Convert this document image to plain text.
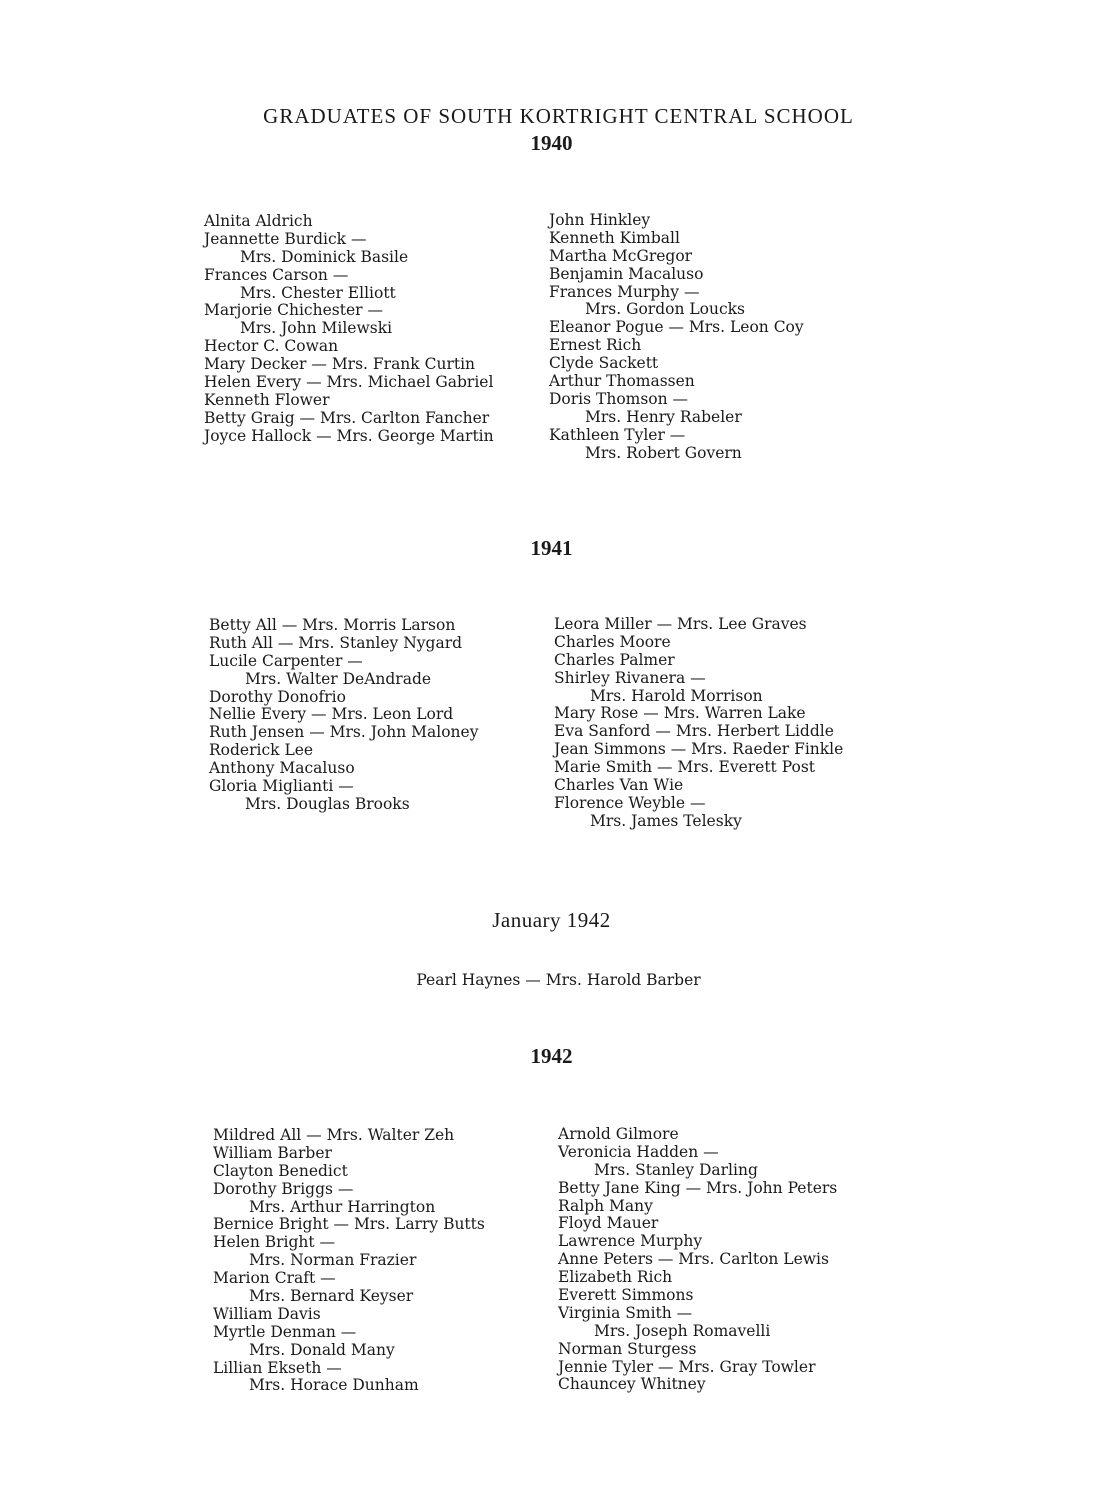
GRADUATES OF SOUTH KORTRIGHT CENTRAL SCHOOL
1940
Alnita Aldrich
Jeannette Burdick —
Mrs. Dominick Basile
Frances Carson —
Mrs. Chester Elliott
Marjorie Chichester —
Mrs. John Milewski
Hector C. Cowan
Mary Decker — Mrs. Frank Curtin
Helen Every — Mrs. Michael Gabriel
Kenneth Flower
Betty Graig — Mrs. Carlton Fancher
Joyce Hallock — Mrs. George Martin
John Hinkley
Kenneth Kimball
Martha McGregor
Benjamin Macaluso
Frances Murphy —
Mrs. Gordon Loucks
Eleanor Pogue — Mrs. Leon Coy
Ernest Rich
Clyde Sackett
Arthur Thomassen
Doris Thomson —
Mrs. Henry Rabeler
Kathleen Tyler —
Mrs. Robert Govern
1941
Betty All — Mrs. Morris Larson
Ruth All — Mrs. Stanley Nygard
Lucile Carpenter —
Mrs. Walter DeAndrade
Dorothy Donofrio
Nellie Every — Mrs. Leon Lord
Ruth Jensen — Mrs. John Maloney
Roderick Lee
Anthony Macaluso
Gloria Miglianti —
Mrs. Douglas Brooks
Leora Miller — Mrs. Lee Graves
Charles Moore
Charles Palmer
Shirley Rivanera —
Mrs. Harold Morrison
Mary Rose — Mrs. Warren Lake
Eva Sanford — Mrs. Herbert Liddle
Jean Simmons — Mrs. Raeder Finkle
Marie Smith — Mrs. Everett Post
Charles Van Wie
Florence Weyble —
Mrs. James Telesky
January 1942
Pearl Haynes — Mrs. Harold Barber
1942
Mildred All — Mrs. Walter Zeh
William Barber
Clayton Benedict
Dorothy Briggs —
Mrs. Arthur Harrington
Bernice Bright — Mrs. Larry Butts
Helen Bright —
Mrs. Norman Frazier
Marion Craft —
Mrs. Bernard Keyser
William Davis
Myrtle Denman —
Mrs. Donald Many
Lillian Ekseth —
Mrs. Horace Dunham
Arnold Gilmore
Veronicia Hadden —
Mrs. Stanley Darling
Betty Jane King — Mrs. John Peters
Ralph Many
Floyd Mauer
Lawrence Murphy
Anne Peters — Mrs. Carlton Lewis
Elizabeth Rich
Everett Simmons
Virginia Smith —
Mrs. Joseph Romavelli
Norman Sturgess
Jennie Tyler — Mrs. Gray Towler
Chauncey Whitney
